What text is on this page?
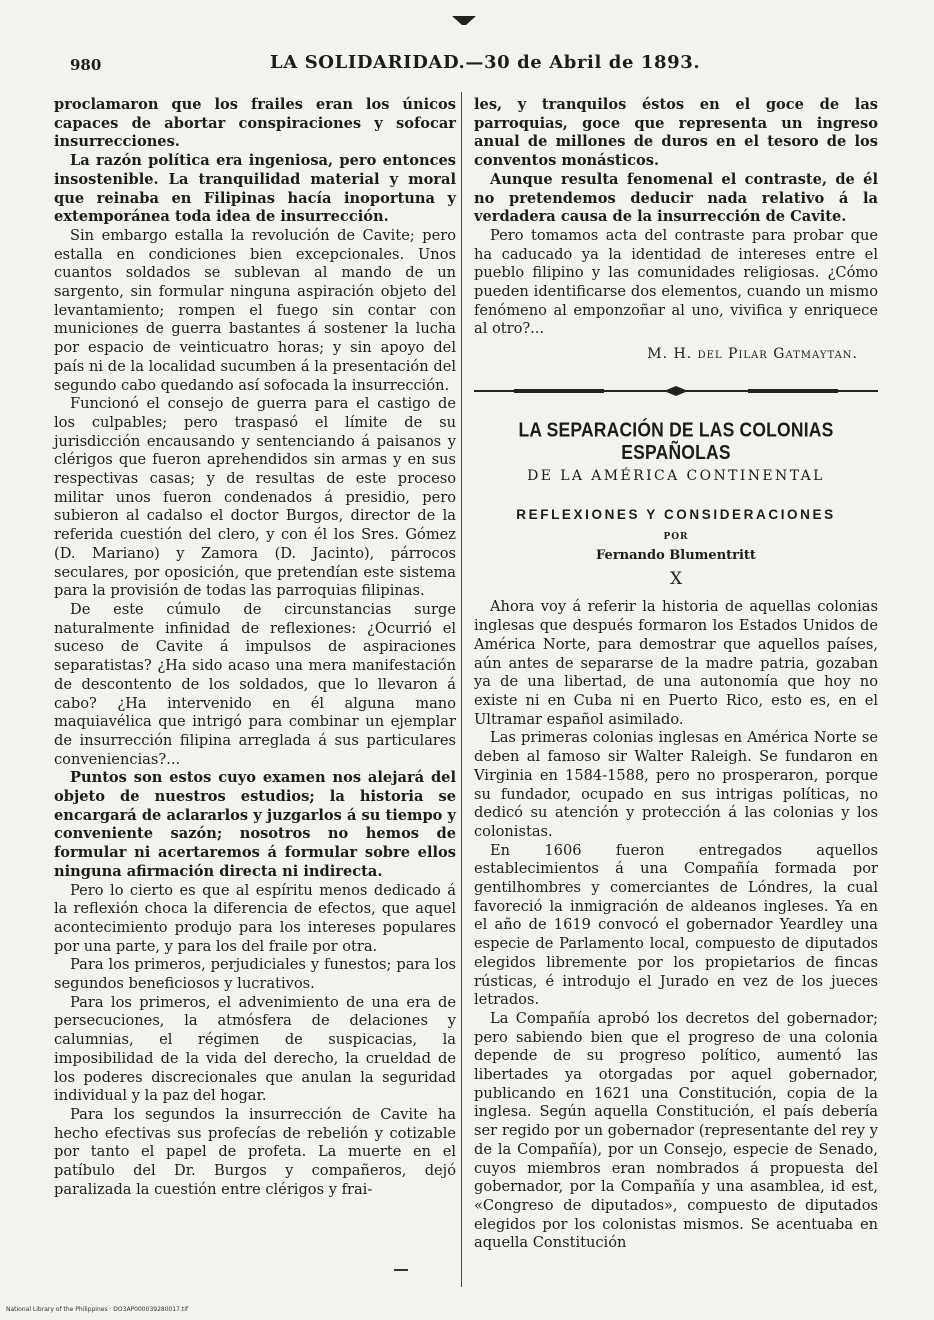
980	LA SOLIDARIDAD.—30 de Abril de 1893.

proclamaron que los frailes eran los únicos capaces de abortar conspiraciones y sofocar insurrecciones.

La razón política era ingeniosa, pero entonces insostenible. La tranquilidad material y moral que reinaba en Filipinas hacía inoportuna y extemporánea toda idea de insurrección.

Sin embargo estalla la revolución de Cavite; pero estalla en condiciones bien excepcionales. Unos cuantos soldados se sublevan al mando de un sargento, sin formular ninguna aspiración objeto del levantamiento; rompen el fuego sin contar con municiones de guerra bastantes á sostener la lucha por espacio de veinticuatro horas; y sin apoyo del país ni de la localidad sucumben á la presentación del segundo cabo quedando así sofocada la insurrección.

Funcionó el consejo de guerra para el castigo de los culpables; pero traspasó el límite de su jurisdicción encausando y sentenciando á paisanos y clérigos que fueron aprehendidos sin armas y en sus respectivas casas; y de resultas de este proceso militar unos fueron condenados á presidio, pero subieron al cadalso el doctor Burgos, director de la referida cuestión del clero, y con él los Sres. Gómez (D. Mariano) y Zamora (D. Jacinto), párrocos seculares, por oposición, que pretendían este sistema para la provisión de todas las parroquias filipinas.

De este cúmulo de circunstancias surge naturalmente infinidad de reflexiones: ¿Ocurrió el suceso de Cavite á impulsos de aspiraciones separatistas? ¿Ha sido acaso una mera manifestación de descontento de los soldados, que lo llevaron á cabo? ¿Ha intervenido en él alguna mano maquiavélica que intrigó para combinar un ejemplar de insurrección filipina arreglada á sus particulares conveniencias?...

Puntos son estos cuyo examen nos alejará del objeto de nuestros estudios; la historia se encargará de aclararlos y juzgarlos á su tiempo y conveniente sazón; nosotros no hemos de formular ni acertaremos á formular sobre ellos ninguna afirmación directa ni indirecta.

Pero lo cierto es que al espíritu menos dedicado á la reflexión choca la diferencia de efectos, que aquel acontecimiento produjo para los intereses populares por una parte, y para los del fraile por otra.

Para los primeros, perjudiciales y funestos; para los segundos beneficiosos y lucrativos.

Para los primeros, el advenimiento de una era de persecuciones, la atmósfera de delaciones y calumnias, el régimen de suspicacias, la imposibilidad de la vida del derecho, la crueldad de los poderes discrecionales que anulan la seguridad individual y la paz del hogar.

Para los segundos la insurrección de Cavite ha hecho efectivas sus profecías de rebelión y cotizable por tanto el papel de profeta. La muerte en el patíbulo del Dr. Burgos y compañeros, dejó paralizada la cuestión entre clérigos y frai-

les, y tranquilos éstos en el goce de las parroquias, goce que representa un ingreso anual de millones de duros en el tesoro de los conventos monásticos.

Aunque resulta fenomenal el contraste, de él no pretendemos deducir nada relativo á la verdadera causa de la insurrección de Cavite.

Pero tomamos acta del contraste para probar que ha caducado ya la identidad de intereses entre el pueblo filipino y las comunidades religiosas. ¿Cómo pueden identificarse dos elementos, cuando un mismo fenómeno al emponzoñar al uno, vivifica y enriquece al otro?...

M. H. del Pilar Gatmaytan.
LA SEPARACIÓN DE LAS COLONIAS ESPAÑOLAS
DE LA AMÉRICA CONTINENTAL
REFLEXIONES Y CONSIDERACIONES
POR
Fernando Blumentritt
X

Ahora voy á referir la historia de aquellas colonias inglesas que después formaron los Estados Unidos de América Norte, para demostrar que aquellos países, aún antes de separarse de la madre patria, gozaban ya de una libertad, de una autonomía que hoy no existe ni en Cuba ni en Puerto Rico, esto es, en el Ultramar español asimilado.

Las primeras colonias inglesas en América Norte se deben al famoso sir Walter Raleigh. Se fundaron en Virginia en 1584-1588, pero no prosperaron, porque su fundador, ocupado en sus intrigas políticas, no dedicó su atención y protección á las colonias y los colonistas.

En 1606 fueron entregados aquellos establecimientos á una Compañía formada por gentilhombres y comerciantes de Lóndres, la cual favoreció la inmigración de aldeanos ingleses. Ya en el año de 1619 convocó el gobernador Yeardley una especie de Parlamento local, compuesto de diputados elegidos libremente por los propietarios de fincas rústicas, é introdujo el Jurado en vez de los jueces letrados.

La Compañía aprobó los decretos del gobernador; pero sabiendo bien que el progreso de una colonia depende de su progreso político, aumentó las libertades ya otorgadas por aquel gobernador, publicando en 1621 una Constitución, copia de la inglesa. Según aquella Constitución, el país debería ser regido por un gobernador (representante del rey y de la Compañía), por un Consejo, especie de Senado, cuyos miembros eran nombrados á propuesta del gobernador, por la Compañía y una asamblea, id est, «Congreso de diputados», compuesto de diputados elegidos por los colonistas mismos. Se acentuaba en aquella Constitución

National Library of the Philippines · DO3AP000039280017.tif
